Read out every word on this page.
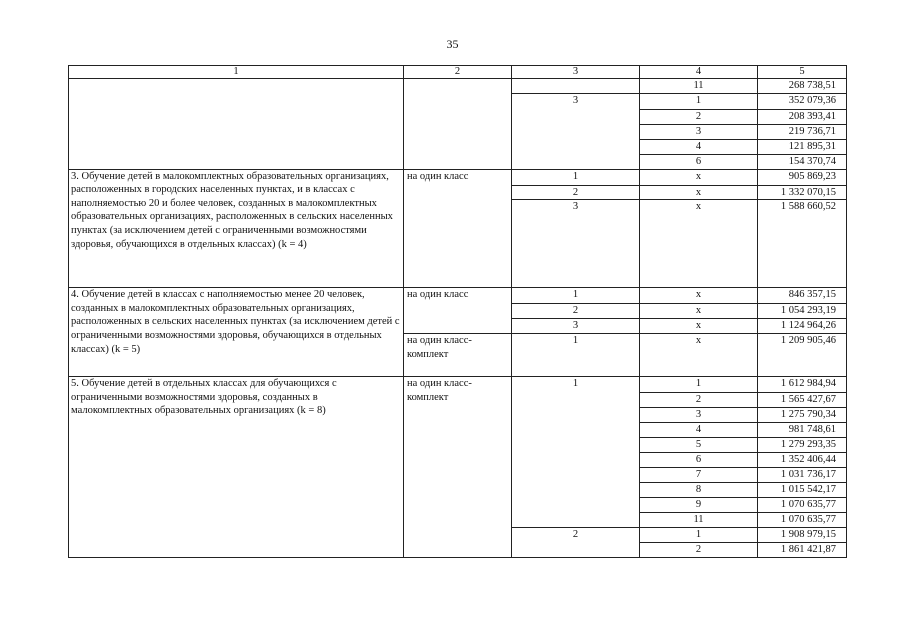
35
1	2	3	4	5
			11	268 738,51
		3	1	352 079,36
			2	208 393,41
			3	219 736,71
			4	121 895,31
			6	154 370,74
3. Обучение детей в малокомплектных образовательных организациях, расположенных в городских населенных пунктах, и в классах с наполняемостью 20 и более человек, созданных в малокомплектных образовательных организациях, расположенных в сельских населенных пунктах (за исключением детей с ограниченными возможностями здоровья, обучающихся в отдельных классах) (k = 4)	на один класс	1	х	905 869,23
		2	х	1 332 070,15
		3	х	1 588 660,52
4. Обучение детей в классах с наполняемостью менее 20 человек, созданных в малокомплектных образовательных организациях, расположенных в сельских населенных пунктах (за исключением детей с ограниченными возможностями здоровья, обучающихся в отдельных классах) (k = 5)	на один класс	1	х	846 357,15
		2	х	1 054 293,19
		3	х	1 124 964,26
	на один класс-комплект	1	х	1 209 905,46
5. Обучение детей в отдельных классах для обучающихся с ограниченными возможностями здоровья, созданных в малокомплектных образовательных организациях (k = 8)	на один класс-комплект	1	1	1 612 984,94
			2	1 565 427,67
			3	1 275 790,34
			4	981 748,61
			5	1 279 293,35
			6	1 352 406,44
			7	1 031 736,17
			8	1 015 542,17
			9	1 070 635,77
			11	1 070 635,77
		2	1	1 908 979,15
			2	1 861 421,87
